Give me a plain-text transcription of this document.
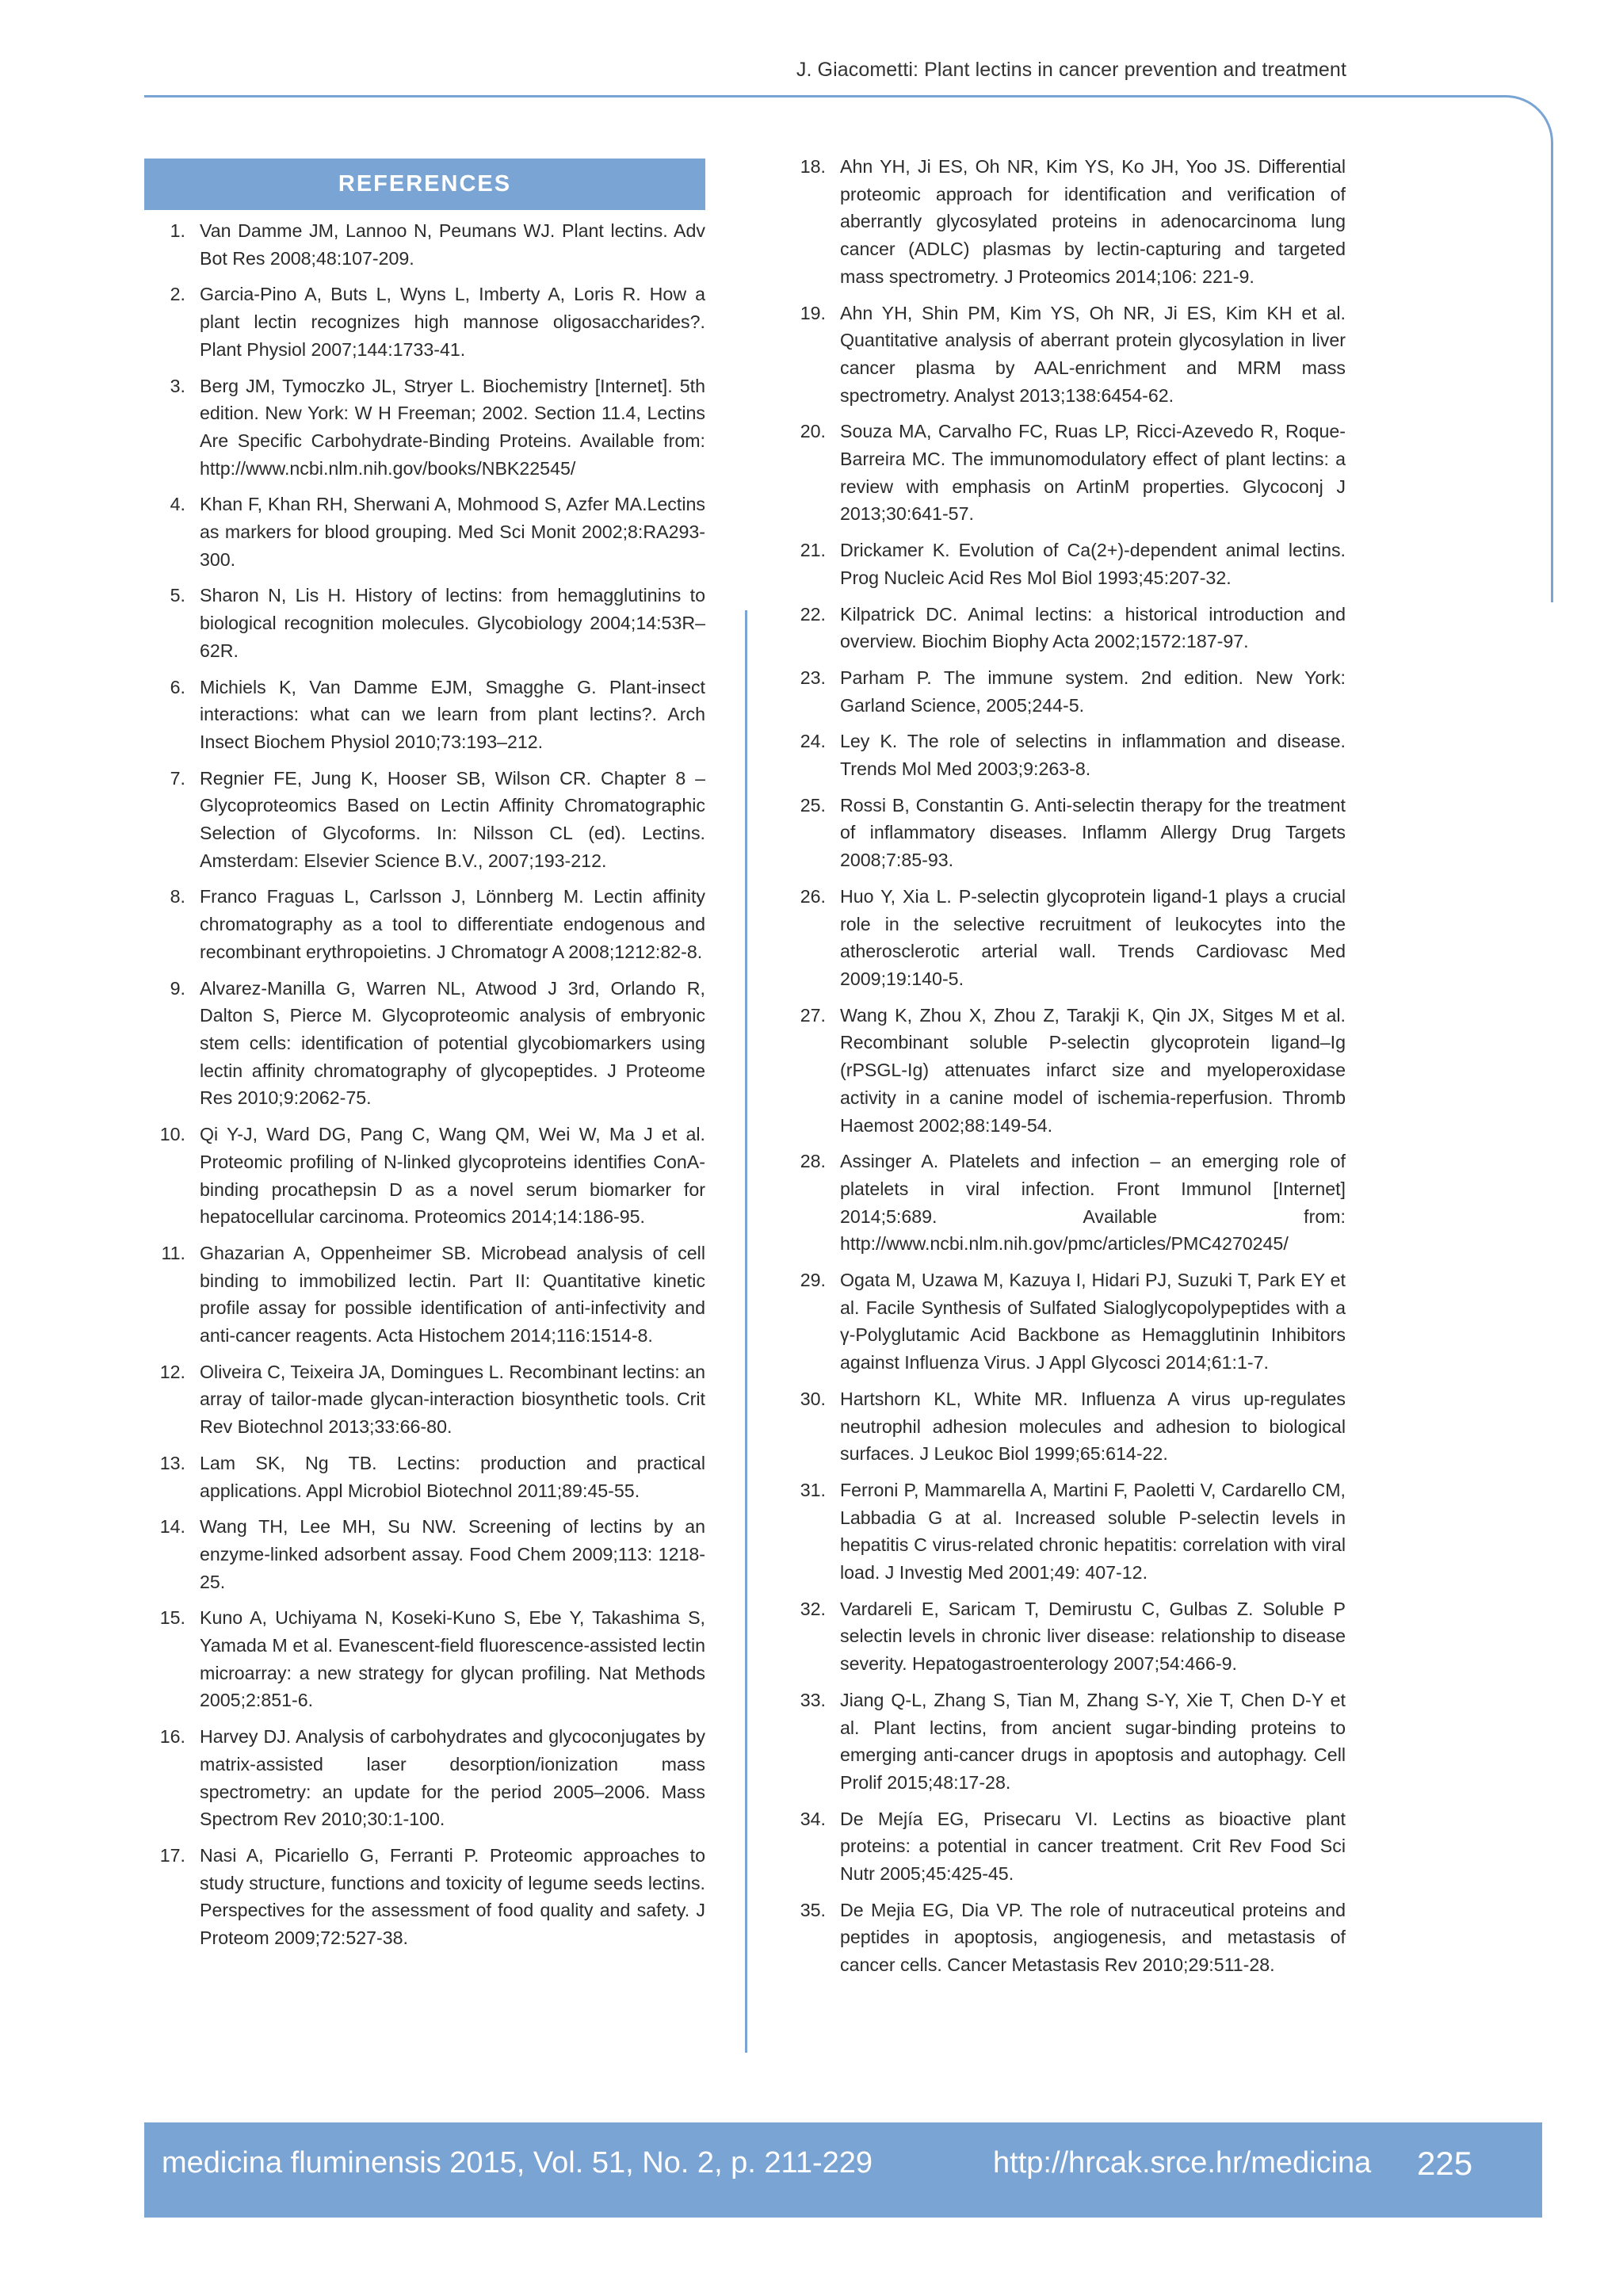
J. Giacometti: Plant lectins in cancer prevention and treatment
REFERENCES
1. Van Damme JM, Lannoo N, Peumans WJ. Plant lectins. Adv Bot Res 2008;48:107-209.
2. Garcia-Pino A, Buts L, Wyns L, Imberty A, Loris R. How a plant lectin recognizes high mannose oligosaccharides?. Plant Physiol 2007;144:1733-41.
3. Berg JM, Tymoczko JL, Stryer L. Biochemistry [Internet]. 5th edition. New York: W H Freeman; 2002. Section 11.4, Lectins Are Specific Carbohydrate-Binding Proteins. Available from: http://www.ncbi.nlm.nih.gov/books/NBK22545/
4. Khan F, Khan RH, Sherwani A, Mohmood S, Azfer MA.Lectins as markers for blood grouping. Med Sci Monit 2002;8:RA293-300.
5. Sharon N, Lis H. History of lectins: from hemagglutinins to biological recognition molecules. Glycobiology 2004;14:53R–62R.
6. Michiels K, Van Damme EJM, Smagghe G. Plant-insect interactions: what can we learn from plant lectins?. Arch Insect Biochem Physiol 2010;73:193–212.
7. Regnier FE, Jung K, Hooser SB, Wilson CR. Chapter 8 – Glycoproteomics Based on Lectin Affinity Chromatographic Selection of Glycoforms. In: Nilsson CL (ed). Lectins. Amsterdam: Elsevier Science B.V., 2007;193-212.
8. Franco Fraguas L, Carlsson J, Lönnberg M. Lectin affinity chromatography as a tool to differentiate endogenous and recombinant erythropoietins. J Chromatogr A 2008;1212:82-8.
9. Alvarez-Manilla G, Warren NL, Atwood J 3rd, Orlando R, Dalton S, Pierce M. Glycoproteomic analysis of embryonic stem cells: identification of potential glycobiomarkers using lectin affinity chromatography of glycopeptides. J Proteome Res 2010;9:2062-75.
10. Qi Y-J, Ward DG, Pang C, Wang QM, Wei W, Ma J et al. Proteomic profiling of N-linked glycoproteins identifies ConA-binding procathepsin D as a novel serum biomarker for hepatocellular carcinoma. Proteomics 2014;14:186-95.
11. Ghazarian A, Oppenheimer SB. Microbead analysis of cell binding to immobilized lectin. Part II: Quantitative kinetic profile assay for possible identification of anti-infectivity and anti-cancer reagents. Acta Histochem 2014;116:1514-8.
12. Oliveira C, Teixeira JA, Domingues L. Recombinant lectins: an array of tailor-made glycan-interaction biosynthetic tools. Crit Rev Biotechnol 2013;33:66-80.
13. Lam SK, Ng TB. Lectins: production and practical applications. Appl Microbiol Biotechnol 2011;89:45-55.
14. Wang TH, Lee MH, Su NW. Screening of lectins by an enzyme-linked adsorbent assay. Food Chem 2009;113: 1218-25.
15. Kuno A, Uchiyama N, Koseki-Kuno S, Ebe Y, Takashima S, Yamada M et al. Evanescent-field fluorescence-assisted lectin microarray: a new strategy for glycan profiling. Nat Methods 2005;2:851-6.
16. Harvey DJ. Analysis of carbohydrates and glycoconjugates by matrix-assisted laser desorption/ionization mass spectrometry: an update for the period 2005–2006. Mass Spectrom Rev 2010;30:1-100.
17. Nasi A, Picariello G, Ferranti P. Proteomic approaches to study structure, functions and toxicity of legume seeds lectins. Perspectives for the assessment of food quality and safety. J Proteom 2009;72:527-38.
18. Ahn YH, Ji ES, Oh NR, Kim YS, Ko JH, Yoo JS. Differential proteomic approach for identification and verification of aberrantly glycosylated proteins in adenocarcinoma lung cancer (ADLC) plasmas by lectin-capturing and targeted mass spectrometry. J Proteomics 2014;106: 221-9.
19. Ahn YH, Shin PM, Kim YS, Oh NR, Ji ES, Kim KH et al. Quantitative analysis of aberrant protein glycosylation in liver cancer plasma by AAL-enrichment and MRM mass spectrometry. Analyst 2013;138:6454-62.
20. Souza MA, Carvalho FC, Ruas LP, Ricci-Azevedo R, Roque-Barreira MC. The immunomodulatory effect of plant lectins: a review with emphasis on ArtinM properties. Glycoconj J 2013;30:641-57.
21. Drickamer K. Evolution of Ca(2+)-dependent animal lectins. Prog Nucleic Acid Res Mol Biol 1993;45:207-32.
22. Kilpatrick DC. Animal lectins: a historical introduction and overview. Biochim Biophy Acta 2002;1572:187-97.
23. Parham P. The immune system. 2nd edition. New York: Garland Science, 2005;244-5.
24. Ley K. The role of selectins in inflammation and disease. Trends Mol Med 2003;9:263-8.
25. Rossi B, Constantin G. Anti-selectin therapy for the treatment of inflammatory diseases. Inflamm Allergy Drug Targets 2008;7:85-93.
26. Huo Y, Xia L. P-selectin glycoprotein ligand-1 plays a crucial role in the selective recruitment of leukocytes into the atherosclerotic arterial wall. Trends Cardiovasc Med 2009;19:140-5.
27. Wang K, Zhou X, Zhou Z, Tarakji K, Qin JX, Sitges M et al. Recombinant soluble P-selectin glycoprotein ligand–Ig (rPSGL-Ig) attenuates infarct size and myeloperoxidase activity in a canine model of ischemia-reperfusion. Thromb Haemost 2002;88:149-54.
28. Assinger A. Platelets and infection – an emerging role of platelets in viral infection. Front Immunol [Internet] 2014;5:689. Available from: http://www.ncbi.nlm.nih.gov/pmc/articles/PMC4270245/
29. Ogata M, Uzawa M, Kazuya I, Hidari PJ, Suzuki T, Park EY et al. Facile Synthesis of Sulfated Sialoglycopolypeptides with a γ-Polyglutamic Acid Backbone as Hemagglutinin Inhibitors against Influenza Virus. J Appl Glycosci 2014;61:1-7.
30. Hartshorn KL, White MR. Influenza A virus up-regulates neutrophil adhesion molecules and adhesion to biological surfaces. J Leukoc Biol 1999;65:614-22.
31. Ferroni P, Mammarella A, Martini F, Paoletti V, Cardarello CM, Labbadia G at al. Increased soluble P-selectin levels in hepatitis C virus-related chronic hepatitis: correlation with viral load. J Investig Med 2001;49: 407-12.
32. Vardareli E, Saricam T, Demirustu C, Gulbas Z. Soluble P selectin levels in chronic liver disease: relationship to disease severity. Hepatogastroenterology 2007;54:466-9.
33. Jiang Q-L, Zhang S, Tian M, Zhang S-Y, Xie T, Chen D-Y et al. Plant lectins, from ancient sugar-binding proteins to emerging anti-cancer drugs in apoptosis and autophagy. Cell Prolif 2015;48:17-28.
34. De Mejía EG, Prisecaru VI. Lectins as bioactive plant proteins: a potential in cancer treatment. Crit Rev Food Sci Nutr 2005;45:425-45.
35. De Mejia EG, Dia VP. The role of nutraceutical proteins and peptides in apoptosis, angiogenesis, and metastasis of cancer cells. Cancer Metastasis Rev 2010;29:511-28.
medicina fluminensis 2015, Vol. 51, No. 2, p. 211-229	http://hrcak.srce.hr/medicina 225
